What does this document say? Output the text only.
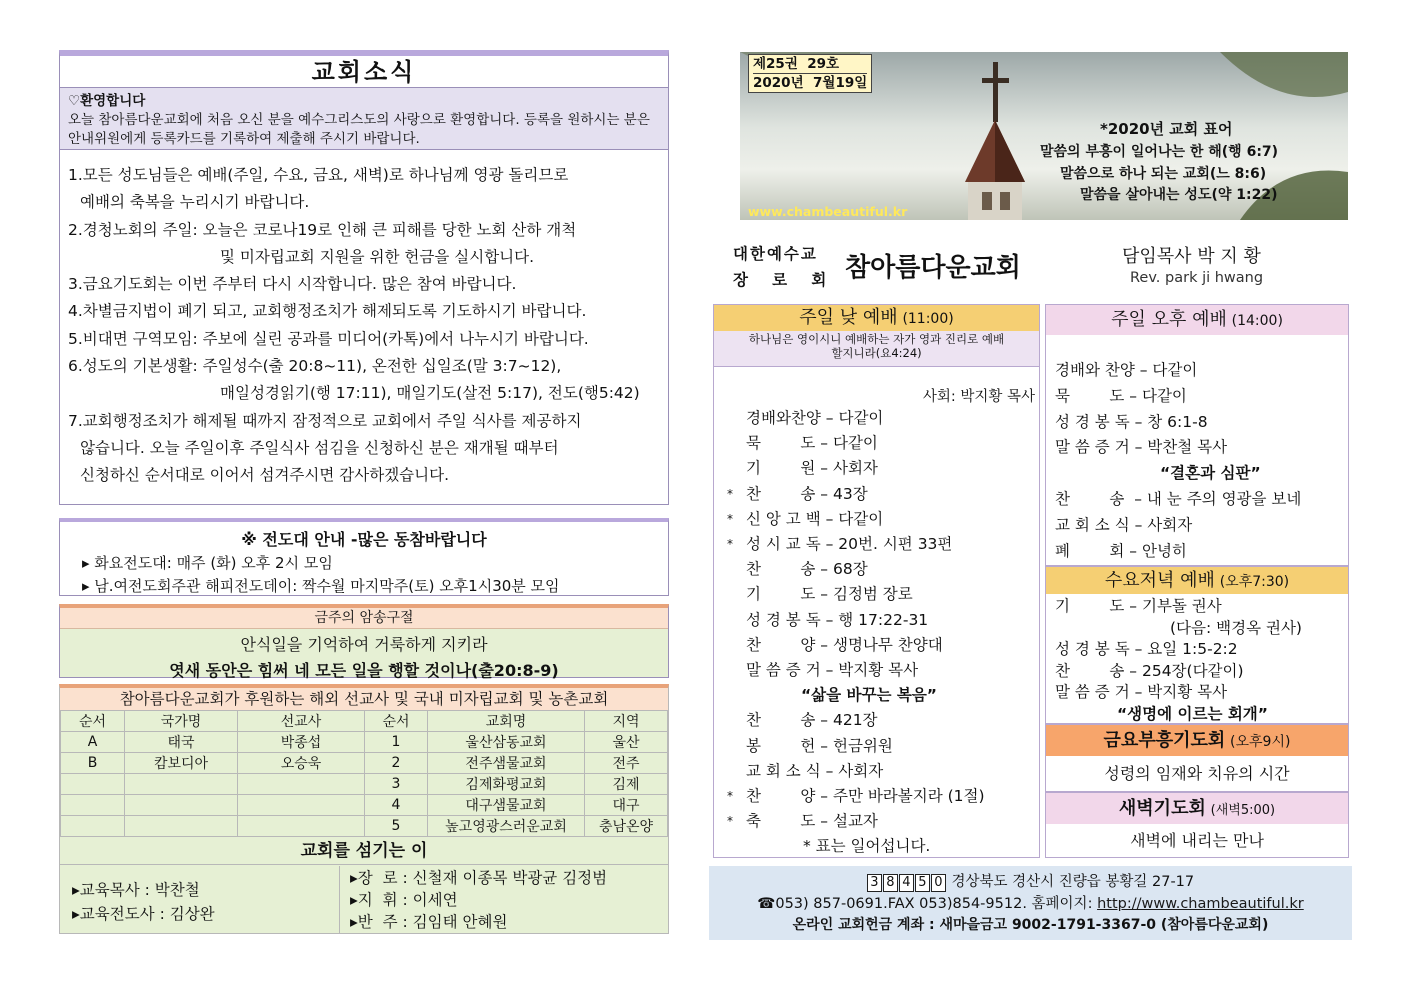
교회소식
♡환영합니다
오늘 참아름다운교회에 처음 오신 분을 예수그리스도의 사랑으로 환영합니다. 등록을 원하시는 분은 안내위원에게 등록카드를 기록하여 제출해 주시기 바랍니다.
1.모든 성도님들은 예배(주일, 수요, 금요, 새벽)로 하나님께 영광 돌리므로
예배의 축복을 누리시기 바랍니다.
2.경청노회의 주일: 오늘은 코로나19로 인해 큰 피해를 당한 노회 산하 개척
및 미자립교회 지원을 위한 헌금을 실시합니다.
3.금요기도회는 이번 주부터 다시 시작합니다. 많은 참여 바랍니다.
4.차별금지법이 폐기 되고, 교회행정조치가 해제되도록 기도하시기 바랍니다.
5.비대면 구역모임: 주보에 실린 공과를 미디어(카톡)에서 나누시기 바랍니다.
6.성도의 기본생활: 주일성수(출 20:8~11), 온전한 십일조(말 3:7~12),
매일성경읽기(행 17:11), 매일기도(살전 5:17), 전도(행5:42)
7.교회행정조치가 해제될 때까지 잠정적으로 교회에서 주일 식사를 제공하지
않습니다. 오늘 주일이후 주일식사 섬김을 신청하신 분은 재개될 때부터
신청하신 순서대로 이어서 섬겨주시면 감사하겠습니다.
※ 전도대 안내 -많은 동참바랍니다
▸ 화요전도대: 매주 (화) 오후 2시 모임
▸ 남.여전도회주관 해피전도데이: 짝수월 마지막주(토) 오후1시30분 모임
금주의 암송구절
안식일을 기억하여 거룩하게 지키라
엿새 동안은 힘써 네 모든 일을 행할 것이나(출20:8-9)
참아름다운교회가 후원하는 해외 선교사 및 국내 미자립교회 및 농촌교회
순서	국가명	선교사	순서	교회명	지역
A	태국	박종섭	1	울산삼동교회	울산
B	캄보디아	오승욱	2	전주샘물교회	전주
			3	김제화평교회	김제
			4	대구샘물교회	대구
			5	높고영광스러운교회	충남온양
교회를 섬기는 이
▸교육목사 : 박찬철
▸교육전도사 : 김상완
▸장  로 : 신철재 이종목 박광균 김정범
▸지  휘 : 이세연
▸반  주 : 김임태 안혜원
제25권  29호
2020년  7월19일
*2020년 교회 표어
말씀의 부흥이 일어나는 한 해(행 6:7)
말씀으로 하나 되는 교회(느 8:6)
말씀을 살아내는 성도(약 1:22)
www.chambeautiful.kr
대한예수교
장   로   회 참아름다운교회	담임목사 박 지 황
Rev. park ji hwang
주일 낮 예배 (11:00)
하나님은 영이시니 예배하는 자가 영과 진리로 예배할지니라(요4:24)
사회: 박지황 목사
경배와찬양 – 다같이
묵        도 – 다같이
기        원 – 사회자
* 찬        송 – 43장
* 신 앙 고 백 – 다같이
* 성 시 교 독 – 20번. 시편 33편
찬        송 – 68장
기        도 – 김정범 장로
성 경 봉 독 – 행 17:22-31
찬        양 – 생명나무 찬양대
말 씀 증 거 – 박지황 목사
“삶을 바꾸는 복음”
찬        송 – 421장
봉        헌 – 헌금위원
교 회 소 식 – 사회자
* 찬        양 – 주만 바라볼지라 (1절)
* 축        도 – 설교자
* 표는 일어섭니다.
주일 오후 예배 (14:00)
경배와 찬양 – 다같이
묵        도 – 다같이
성 경 봉 독 – 창 6:1-8
말 씀 증 거 – 박찬철 목사
“결혼과 심판”
찬        송  – 내 눈 주의 영광을 보네
교 회 소 식 – 사회자
폐        회 – 안녕히
수요저녁 예배 (오후7:30)
기        도 – 기부돌 권사
(다음: 백경옥 권사)
성 경 봉 독 – 요일 1:5-2:2
찬        송 – 254장(다같이)
말 씀 증 거 – 박지황 목사
“생명에 이르는 회개”
금요부흥기도회 (오후9시)
성령의 임재와 치유의 시간
새벽기도회 (새벽5:00)
새벽에 내리는 만나
3 8 4 5 0 경상북도 경산시 진량읍 봉황길 27-17
☎053) 857-0691.FAX 053)854-9512. 홈페이지: http://www.chambeautiful.kr
온라인 교회헌금 계좌 : 새마을금고 9002-1791-3367-0 (참아름다운교회)
